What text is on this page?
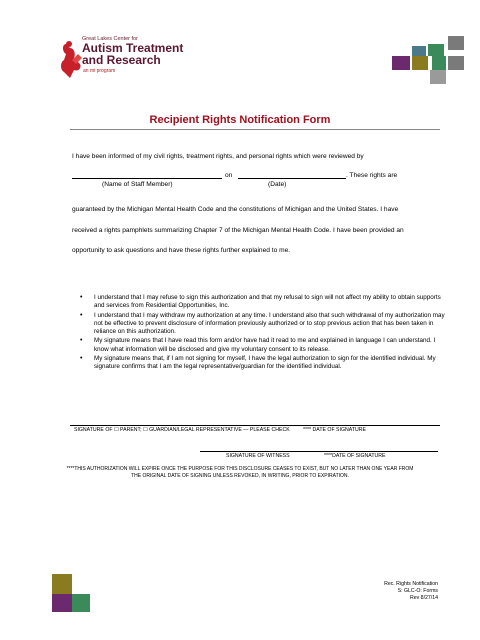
Great Lakes Center for
Autism Treatment
and Research
an mi program
Recipient Rights Notification Form
I have been informed of my civil rights, treatment rights, and personal rights which were reviewed by
on	. These rights are
(Name of Staff Member)	(Date)
guaranteed by the Michigan Mental Health Code and the constitutions of Michigan and the United States. I have
received a rights pamphlets summarizing Chapter 7 of the Michigan Mental Health Code. I have been provided an
opportunity to ask questions and have these rights further explained to me.
• I understand that I may refuse to sign this authorization and that my refusal to sign will not affect my ability to obtain supports and services from Residential Opportunities, Inc.
• I understand that I may withdraw my authorization at any time. I understand also that such withdrawal of my authorization may not be effective to prevent disclosure of information previously authorized or to stop previous action that has been taken in reliance on this authorization.
• My signature means that I have read this form and/or have had it read to me and explained in language I can understand. I know what information will be disclosed and give my voluntary consent to its release.
• My signature means that, if I am not signing for myself, I have the legal authorization to sign for the identified individual. My signature confirms that I am the legal representative/guardian for the identified individual.
SIGNATURE OF ☐ PARENT; ☐ GUARDIAN/LEGAL REPRESENTATIVE — PLEASE CHECK	**** DATE OF SIGNATURE
SIGNATURE OF WITNESS	****DATE OF SIGNATURE
****THIS AUTHORIZATION WILL EXPIRE ONCE THE PURPOSE FOR THIS DISCLOSURE CEASES TO EXIST, BUT NO LATER THAN ONE YEAR FROM
THE ORIGINAL DATE OF SIGNING UNLESS REVOKED, IN WRITING, PRIOR TO EXPIRATION.
Rec. Rights Notification
S: GLC-O: Forms
Rev 8/27/14
